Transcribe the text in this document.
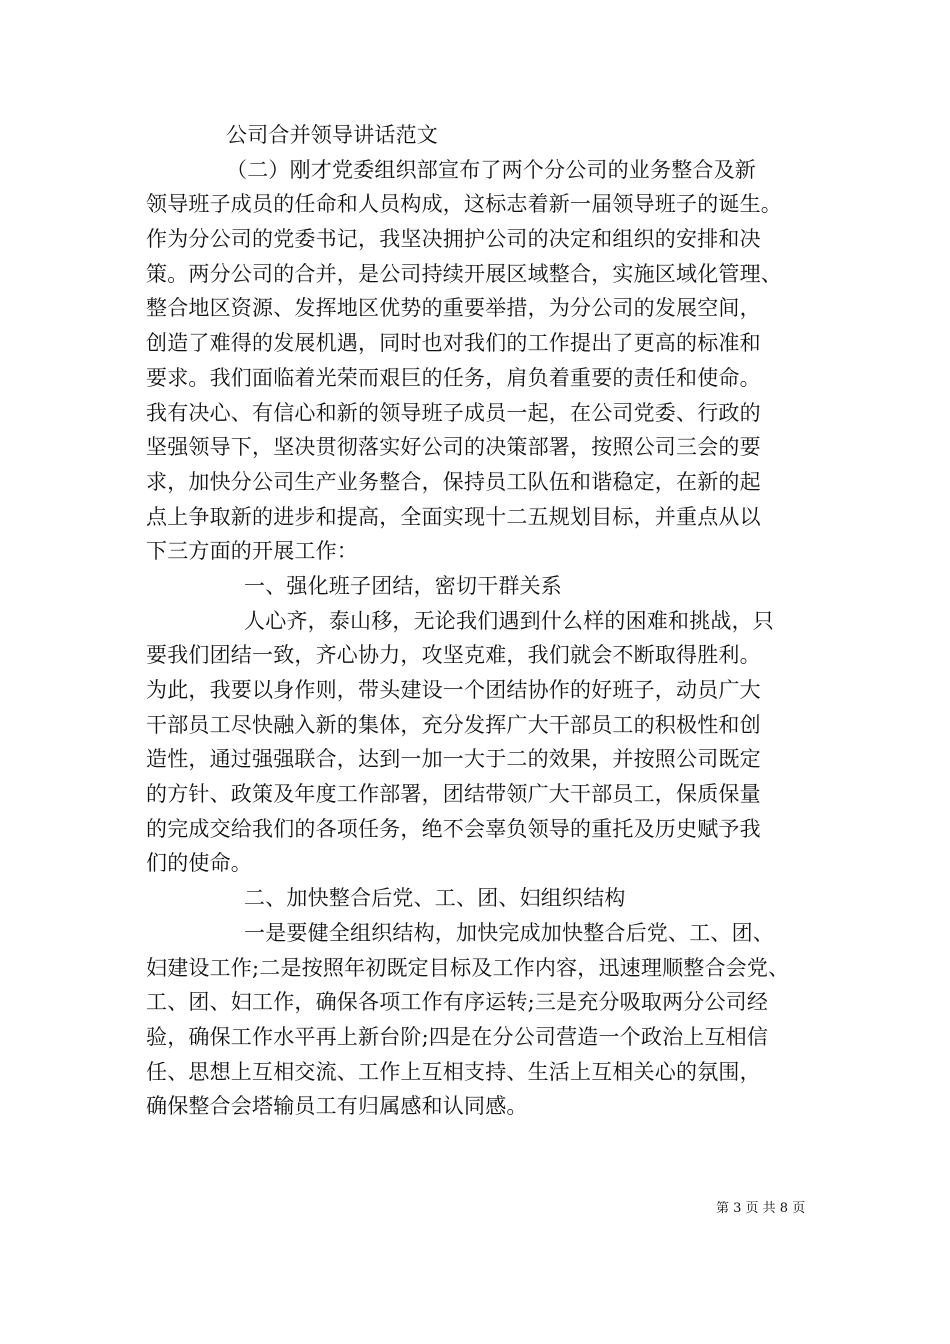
公司合并领导讲话范文
（二）刚才党委组织部宣布了两个分公司的业务整合及新
领导班子成员的任命和人员构成，这标志着新一届领导班子的诞生。
作为分公司的党委书记，我坚决拥护公司的决定和组织的安排和决
策。两分公司的合并，是公司持续开展区域整合，实施区域化管理、
整合地区资源、发挥地区优势的重要举措，为分公司的发展空间，
创造了难得的发展机遇，同时也对我们的工作提出了更高的标准和
要求。我们面临着光荣而艰巨的任务，肩负着重要的责任和使命。
我有决心、有信心和新的领导班子成员一起，在公司党委、行政的
坚强领导下，坚决贯彻落实好公司的决策部署，按照公司三会的要
求，加快分公司生产业务整合，保持员工队伍和谐稳定，在新的起
点上争取新的进步和提高，全面实现十二五规划目标，并重点从以
下三方面的开展工作：
一、强化班子团结，密切干群关系
人心齐，泰山移，无论我们遇到什么样的困难和挑战，只
要我们团结一致，齐心协力，攻坚克难，我们就会不断取得胜利。
为此，我要以身作则，带头建设一个团结协作的好班子，动员广大
干部员工尽快融入新的集体，充分发挥广大干部员工的积极性和创
造性，通过强强联合，达到一加一大于二的效果，并按照公司既定
的方针、政策及年度工作部署，团结带领广大干部员工，保质保量
的完成交给我们的各项任务，绝不会辜负领导的重托及历史赋予我
们的使命。
二、加快整合后党、工、团、妇组织结构
一是要健全组织结构，加快完成加快整合后党、工、团、
妇建设工作;二是按照年初既定目标及工作内容，迅速理顺整合会党、
工、团、妇工作，确保各项工作有序运转;三是充分吸取两分公司经
验，确保工作水平再上新台阶;四是在分公司营造一个政治上互相信
任、思想上互相交流、工作上互相支持、生活上互相关心的氛围，
确保整合会塔输员工有归属感和认同感。
第 3 页 共 8 页
